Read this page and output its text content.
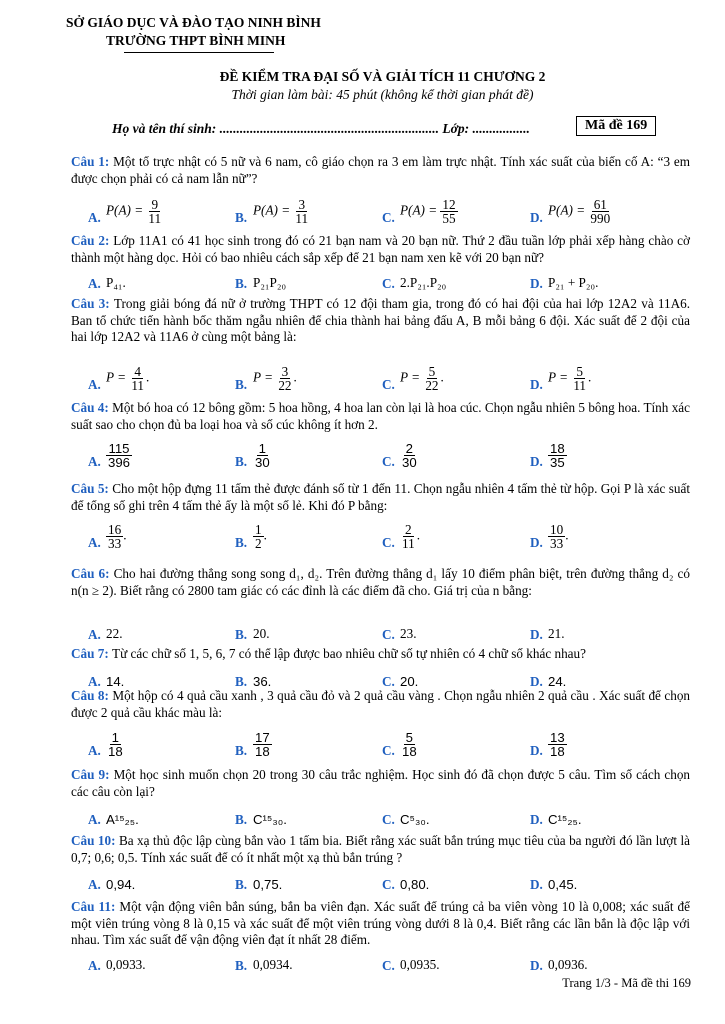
SỞ GIÁO DỤC VÀ ĐÀO TẠO NINH BÌNH
TRƯỜNG THPT BÌNH MINH
ĐỀ KIỂM TRA ĐẠI SỐ VÀ GIẢI TÍCH 11 CHƯƠNG 2
Thời gian làm bài: 45 phút (không kể thời gian phát đề)
Họ và tên thí sinh: ................................................................. Lớp: .................	Mã đề 169
Câu 1: Một tổ trực nhật có 5 nữ và 6 nam, cô giáo chọn ra 3 em làm trực nhật. Tính xác suất của biến cố A: “3 em được chọn phải có cả nam lẫn nữ”?
A. $P(A) = \frac{9}{11}$	B. $P(A) = \frac{3}{11}$	C. $P(A) = \frac{12}{55}$	D. $P(A) = \frac{61}{990}$
Câu 2: Lớp 11A1 có 41 học sinh trong đó có 21 bạn nam và 20 bạn nữ. Thứ 2 đầu tuần lớp phải xếp hàng chào cờ thành một hàng dọc. Hỏi có bao nhiêu cách sắp xếp để 21 bạn nam xen kẽ với 20 bạn nữ?
A. P₄₁.	B. P₂₁P₂₀	C. 2.P₂₁.P₂₀	D. P₂₁ + P₂₀.
Câu 3: Trong giải bóng đá nữ ở trường THPT có 12 đội tham gia, trong đó có hai đội của hai lớp 12A2 và 11A6. Ban tổ chức tiến hành bốc thăm ngẫu nhiên để chia thành hai bảng đấu A, B mỗi bảng 6 đội. Xác suất để 2 đội của hai lớp 12A2 và 11A6 ở cùng một bảng là:
A. $P = \frac{4}{11}$ .	B. $P = \frac{3}{22}$ .	C. $P = \frac{5}{22}$ .	D. $P = \frac{5}{11}$ .
Câu 4: Một bó hoa có 12 bông gồm: 5 hoa hồng, 4 hoa lan còn lại là hoa cúc. Chọn ngẫu nhiên 5 bông hoa. Tính xác suất sao cho chọn đủ ba loại hoa và số cúc không ít hơn 2.
A. $\frac{115}{396}$	B. $\frac{1}{30}$	C. $\frac{2}{30}$	D. $\frac{18}{35}$
Câu 5: Cho một hộp đựng 11 tấm thẻ được đánh số từ 1 đến 11. Chọn ngẫu nhiên 4 tấm thẻ từ hộp. Gọi P là xác suất để tổng số ghi trên 4 tấm thẻ ấy là một số lẻ. Khi đó P bằng:
A. $\frac{16}{33}$ .	B. $\frac{1}{2}$ .	C. $\frac{2}{11}$ .	D. $\frac{10}{33}$ .
Câu 6: Cho hai đường thẳng song song d₁, d₂. Trên đường thẳng d₁ lấy 10 điểm phân biệt, trên đường thẳng d₂ có n(n ≥ 2). Biết rằng có 2800 tam giác có các đỉnh là các điểm đã cho. Giá trị của n bằng:
A. 22.	B. 20.	C. 23.	D. 21.
Câu 7: Từ các chữ số 1, 5, 6, 7 có thể lập được bao nhiêu chữ số tự nhiên có 4 chữ số khác nhau?
A. 14.	B. 36.	C. 20.	D. 24.
Câu 8: Một hộp có 4 quả cầu xanh , 3 quả cầu đỏ và 2 quả cầu vàng . Chọn ngẫu nhiên 2 quả cầu . Xác suất để chọn được 2 quả cầu khác màu là:
A. $\frac{1}{18}$	B. $\frac{17}{18}$	C. $\frac{5}{18}$	D. $\frac{13}{18}$
Câu 9: Một học sinh muốn chọn 20 trong 30 câu trắc nghiệm. Học sinh đó đã chọn được 5 câu. Tìm số cách chọn các câu còn lại?
A. A¹⁵₂₅.	B. C¹⁵₃₀.	C. C⁵₃₀.	D. C¹⁵₂₅.
Câu 10: Ba xạ thủ độc lập cùng bắn vào 1 tấm bia. Biết rằng xác suất bắn trúng mục tiêu của ba người đó lần lượt là 0,7; 0,6; 0,5. Tính xác suất để có ít nhất một xạ thủ bắn trúng ?
A. 0,94.	B. 0,75.	C. 0,80.	D. 0,45.
Câu 11: Một vận động viên bắn súng, bắn ba viên đạn. Xác suất để trúng cả ba viên vòng 10 là 0,008; xác suất để một viên trúng vòng 8 là 0,15 và xác suất để một viên trúng vòng dưới 8 là 0,4. Biết rằng các lần bắn là độc lập với nhau. Tìm xác suất để vận động viên đạt ít nhất 28 điểm.
A. 0,0933.	B. 0,0934.	C. 0,0935.	D. 0,0936.
Trang 1/3 - Mã đề thi 169
